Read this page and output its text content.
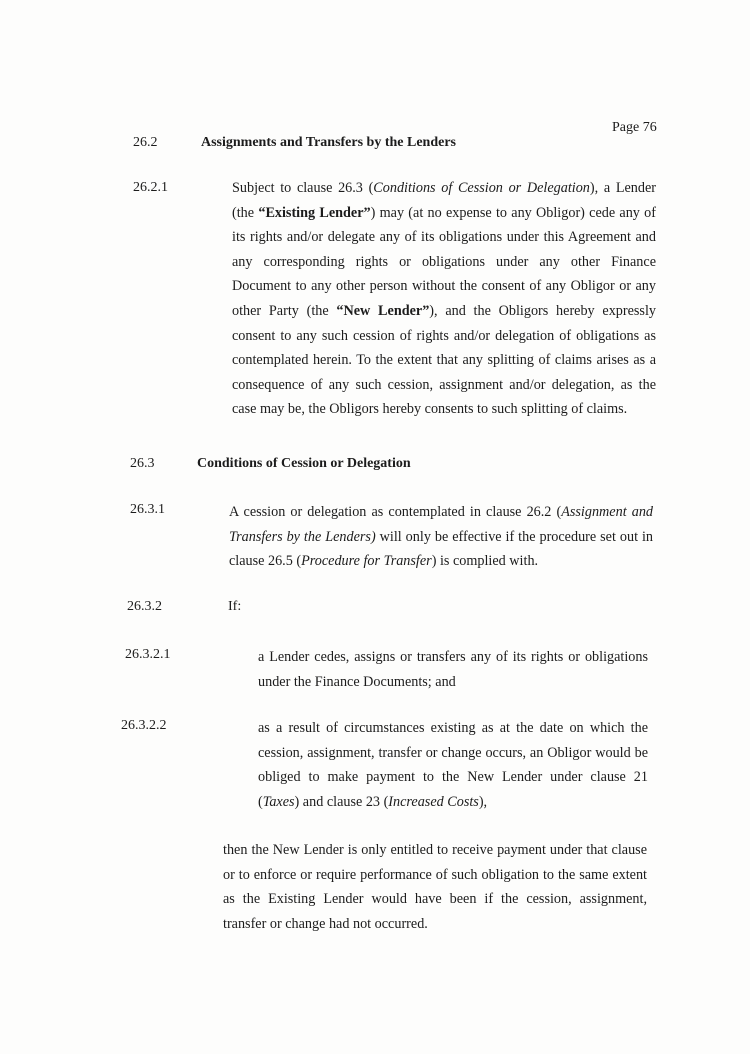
Page 76
26.2	Assignments and Transfers by the Lenders
26.2.1	Subject to clause 26.3 (Conditions of Cession or Delegation), a Lender (the “Existing Lender”) may (at no expense to any Obligor) cede any of its rights and/or delegate any of its obligations under this Agreement and any corresponding rights or obligations under any other Finance Document to any other person without the consent of any Obligor or any other Party (the “New Lender”), and the Obligors hereby expressly consent to any such cession of rights and/or delegation of obligations as contemplated herein. To the extent that any splitting of claims arises as a consequence of any such cession, assignment and/or delegation, as the case may be, the Obligors hereby consents to such splitting of claims.
26.3	Conditions of Cession or Delegation
26.3.1	A cession or delegation as contemplated in clause 26.2 (Assignment and Transfers by the Lenders) will only be effective if the procedure set out in clause 26.5 (Procedure for Transfer) is complied with.
26.3.2	If:
26.3.2.1	a Lender cedes, assigns or transfers any of its rights or obligations under the Finance Documents; and
26.3.2.2	as a result of circumstances existing as at the date on which the cession, assignment, transfer or change occurs, an Obligor would be obliged to make payment to the New Lender under clause 21 (Taxes) and clause 23 (Increased Costs),
then the New Lender is only entitled to receive payment under that clause or to enforce or require performance of such obligation to the same extent as the Existing Lender would have been if the cession, assignment, transfer or change had not occurred.
